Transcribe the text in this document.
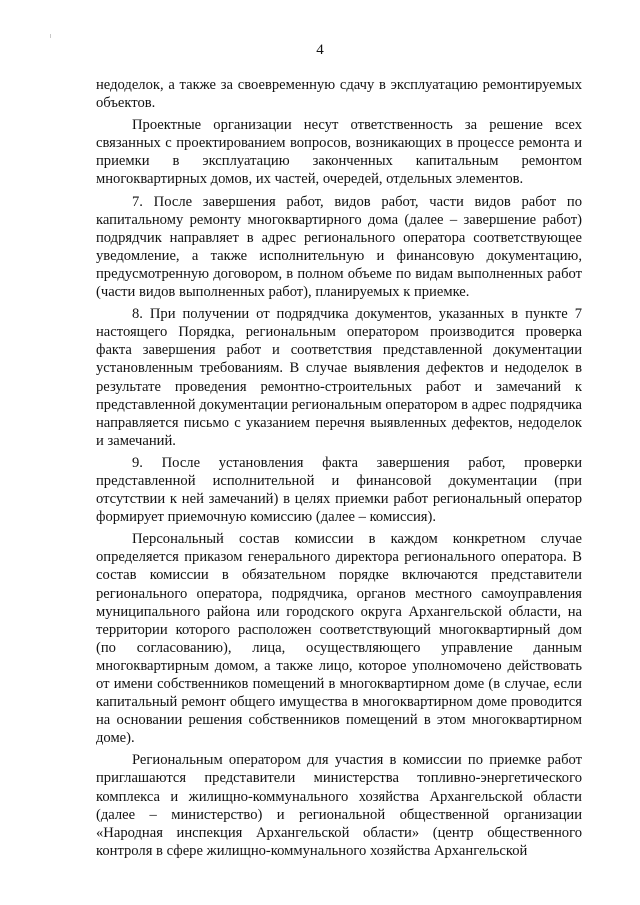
4

недоделок, а также за своевременную сдачу в эксплуатацию ремонтируемых объектов.

Проектные организации несут ответственность за решение всех связанных с проектированием вопросов, возникающих в процессе ремонта и приемки в эксплуатацию законченных капитальным ремонтом многоквартирных домов, их частей, очередей, отдельных элементов.

7. После завершения работ, видов работ, части видов работ по капитальному ремонту многоквартирного дома (далее – завершение работ) подрядчик направляет в адрес регионального оператора соответствующее уведомление, а также исполнительную и финансовую документацию, предусмотренную договором, в полном объеме по видам выполненных работ (части видов выполненных работ), планируемых к приемке.

8. При получении от подрядчика документов, указанных в пункте 7 настоящего Порядка, региональным оператором производится проверка факта завершения работ и соответствия представленной документации установленным требованиям. В случае выявления дефектов и недоделок в результате проведения ремонтно-строительных работ и замечаний к представленной документации региональным оператором в адрес подрядчика направляется письмо с указанием перечня выявленных дефектов, недоделок и замечаний.

9. После установления факта завершения работ, проверки представленной исполнительной и финансовой документации (при отсутствии к ней замечаний) в целях приемки работ региональный оператор формирует приемочную комиссию (далее – комиссия).

Персональный состав комиссии в каждом конкретном случае определяется приказом генерального директора регионального оператора. В состав комиссии в обязательном порядке включаются представители регионального оператора, подрядчика, органов местного самоуправления муниципального района или городского округа Архангельской области, на территории которого расположен соответствующий многоквартирный дом (по согласованию), лица, осуществляющего управление данным многоквартирным домом, а также лицо, которое уполномочено действовать от имени собственников помещений в многоквартирном доме (в случае, если капитальный ремонт общего имущества в многоквартирном доме проводится на основании решения собственников помещений в этом многоквартирном доме).

Региональным оператором для участия в комиссии по приемке работ приглашаются представители министерства топливно-энергетического комплекса и жилищно-коммунального хозяйства Архангельской области (далее – министерство) и региональной общественной организации «Народная инспекция Архангельской области» (центр общественного контроля в сфере жилищно-коммунального хозяйства Архангельской
